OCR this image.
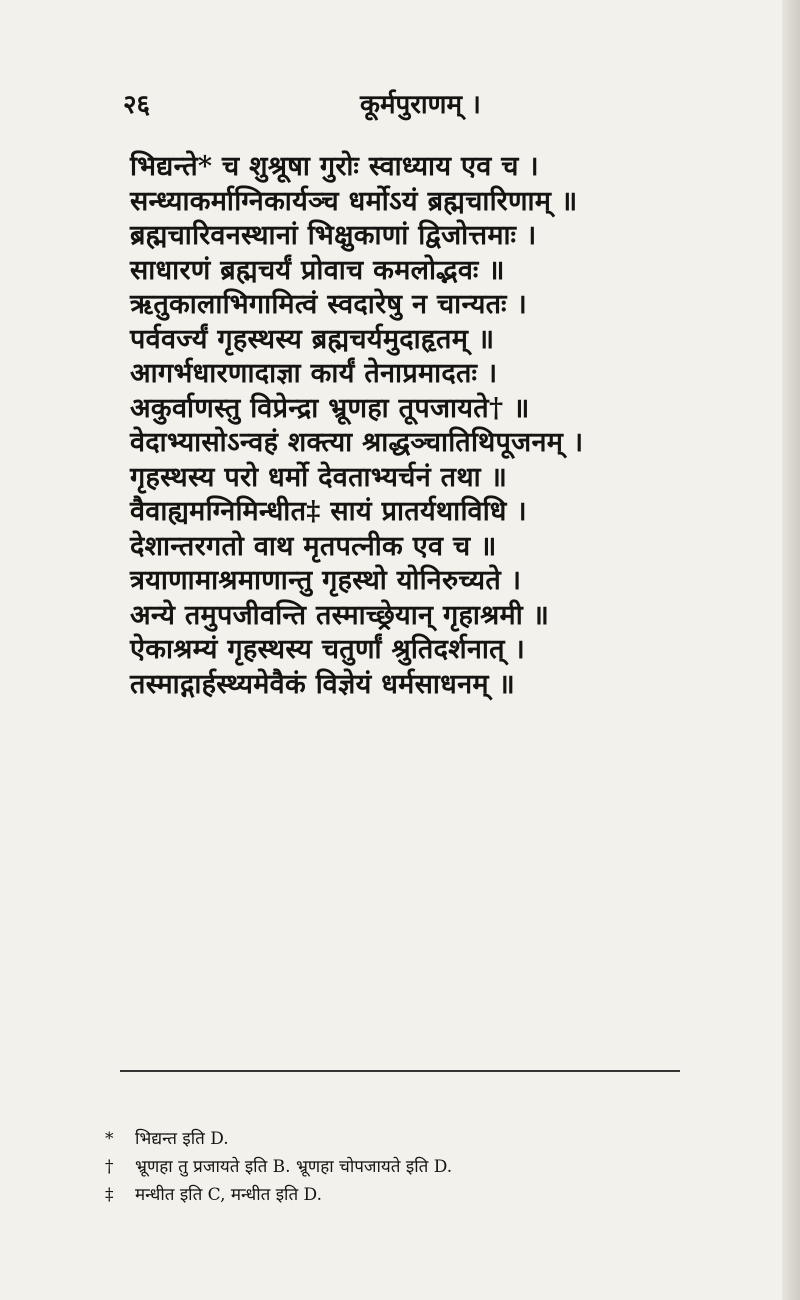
२६	कूर्मपुराणम् ।
भिद्यन्ते* च शुश्रूषा गुरोः स्वाध्याय एव च ।
सन्ध्याकर्माग्निकार्यञ्च धर्मोऽयं ब्रह्मचारिणाम् ॥
ब्रह्मचारिवनस्थानां भिक्षुकाणां द्विजोत्तमाः ।
साधारणं ब्रह्मचर्यं प्रोवाच कमलोद्भवः ॥
ऋतुकालाभिगामित्वं स्वदारेषु न चान्यतः ।
पर्ववर्ज्यं गृहस्थस्य ब्रह्मचर्यमुदाहृतम् ॥
आगर्भधारणादाज्ञा कार्यं तेनाप्रमादतः ।
अकुर्वाणस्तु विप्रेन्द्रा भ्रूणहा तूपजायते† ॥
वेदाभ्यासोऽन्वहं शक्त्या श्राद्धञ्चातिथिपूजनम् ।
गृहस्थस्य परो धर्मो देवताभ्यर्चनं तथा ॥
वैवाह्यमग्निमिन्धीत‡ सायं प्रातर्यथाविधि ।
देशान्तरगतो वाथ मृतपत्नीक एव च ॥
त्रयाणामाश्रमाणान्तु गृहस्थो योनिरुच्यते ।
अन्ये तमुपजीवन्ति तस्माच्छ्रेयान् गृहाश्रमी ॥
ऐकाश्रम्यं गृहस्थस्य चतुर्णां श्रुतिदर्शनात् ।
तस्माद्गार्हस्थ्यमेवैकं विज्ञेयं धर्मसाधनम् ॥
* भिद्यन्त इति D.
† भ्रूणहा तु प्रजायते इति B. भ्रूणहा चोपजायते इति D.
‡ मन्धीत इति C, मन्धीत इति D.
